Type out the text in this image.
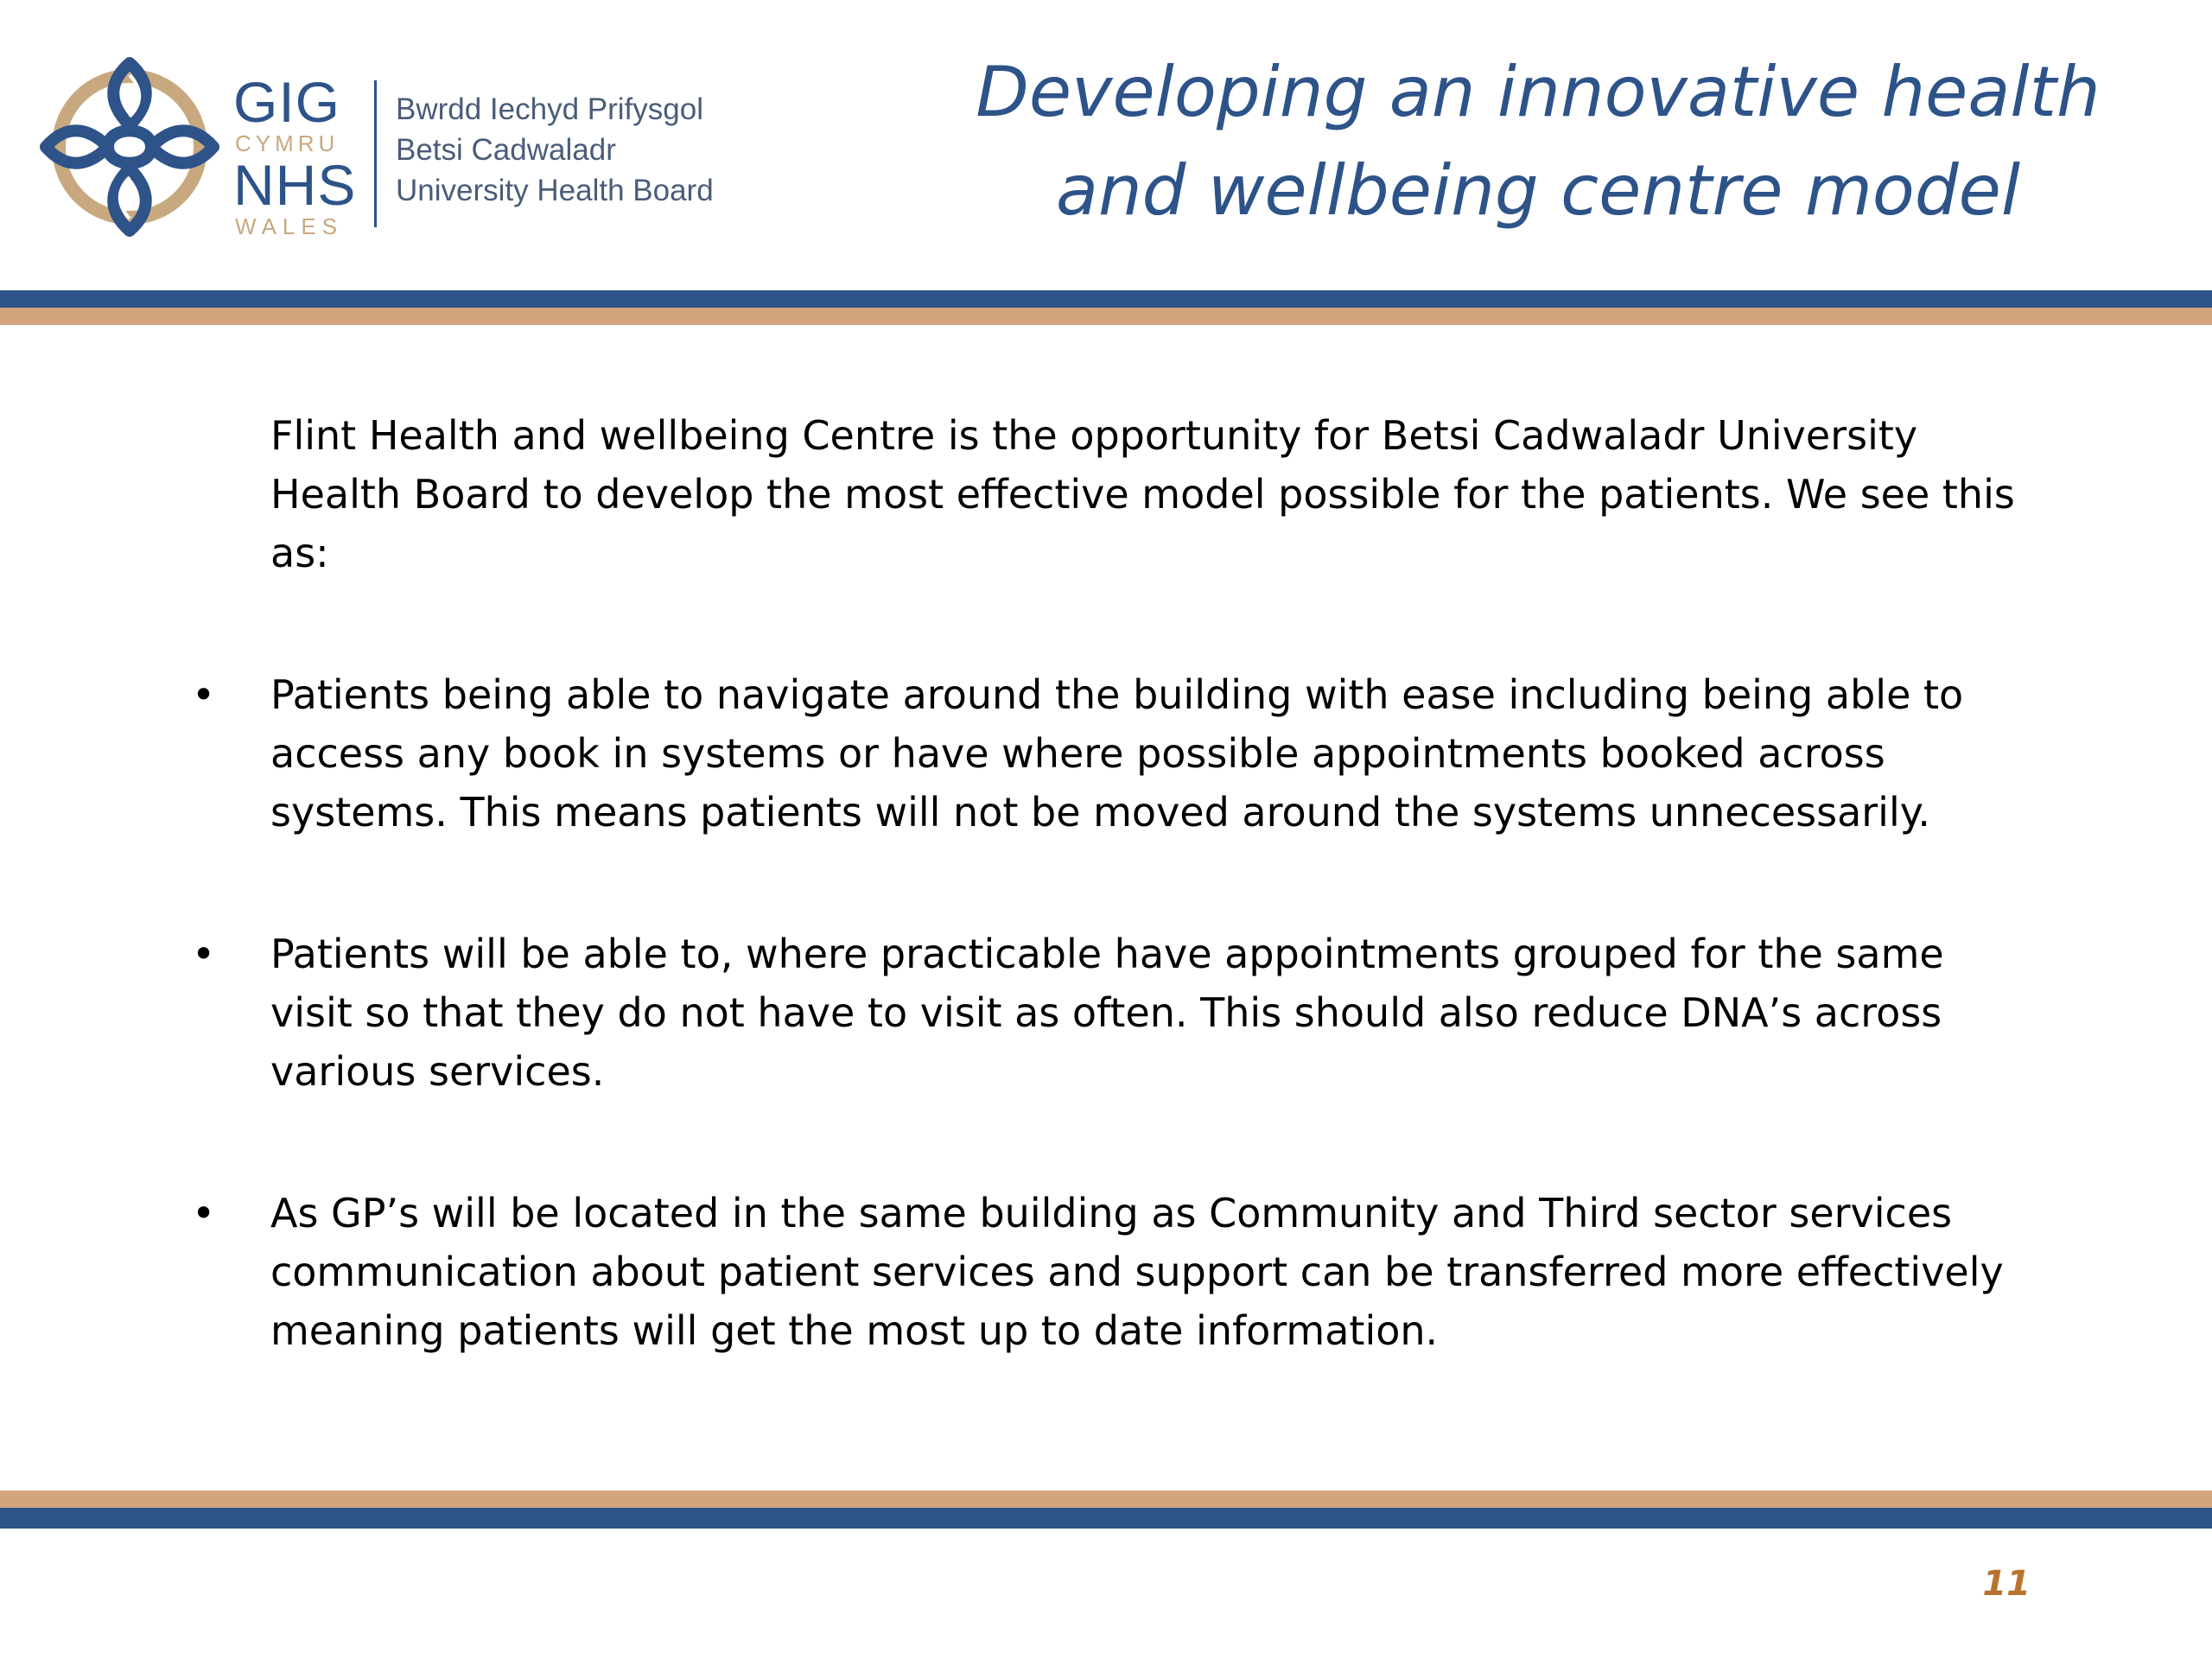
GIG
CYMRU
NHS
WALES
Bwrdd Iechyd Prifysgol
Betsi Cadwaladr
University Health Board
Developing an innovative health
and wellbeing centre model

Flint Health and wellbeing Centre is the opportunity for Betsi Cadwaladr University
Health Board to develop the most effective model possible for the patients. We see this
as:

• Patients being able to navigate around the building with ease including being able to
access any book in systems or have where possible appointments booked across
systems. This means patients will not be moved around the systems unnecessarily.

• Patients will be able to, where practicable have appointments grouped for the same
visit so that they do not have to visit as often. This should also reduce DNA’s across
various services.

• As GP’s will be located in the same building as Community and Third sector services
communication about patient services and support can be transferred more effectively
meaning patients will get the most up to date information.

11
